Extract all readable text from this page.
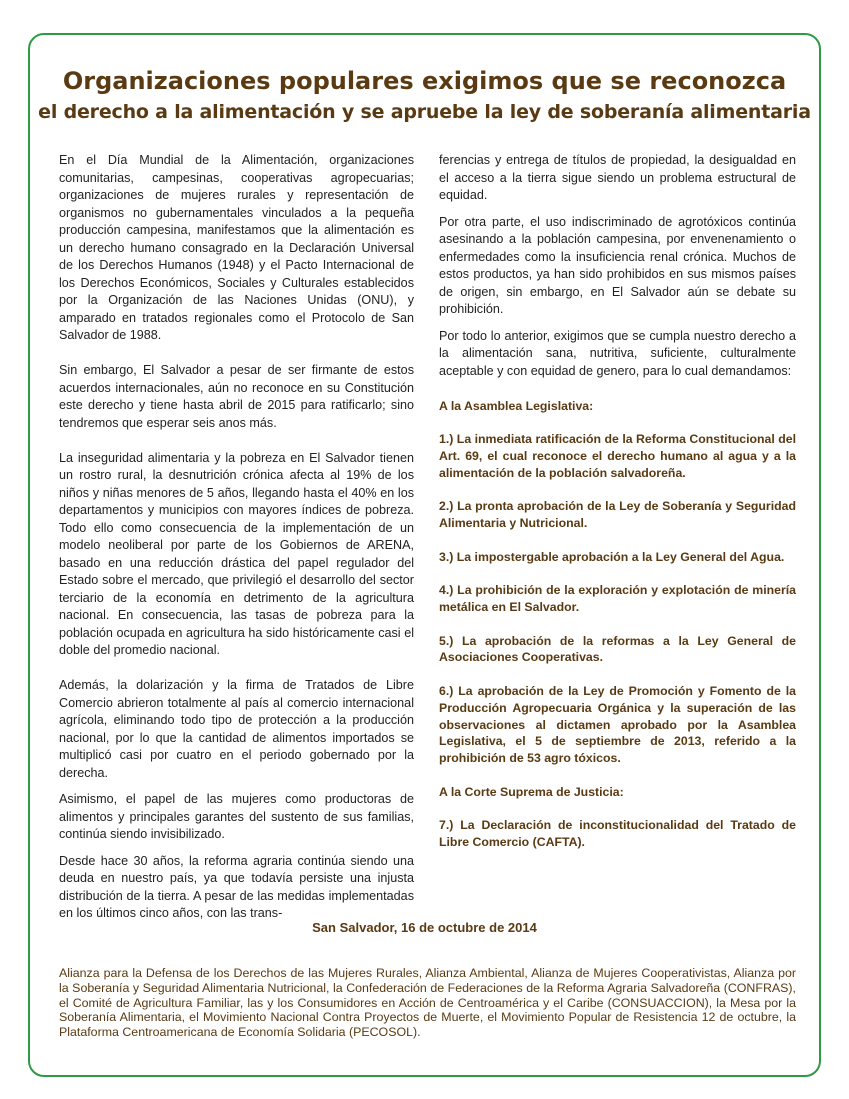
Organizaciones populares exigimos que se reconozca
el derecho a la alimentación y se apruebe la ley de soberanía alimentaria

En el Día Mundial de la Alimentación, organizaciones comunitarias, campesinas, cooperativas agropecuarias; organizaciones de mujeres rurales y representación de organismos no gubernamentales vinculados a la pequeña producción campesina, manifestamos que la alimentación es un derecho humano consagrado en la Declaración Universal de los Derechos Humanos (1948) y el Pacto Internacional de los Derechos Económicos, Sociales y Culturales establecidos por la Organización de las Naciones Unidas (ONU), y amparado en tratados regionales como el Protocolo de San Salvador de 1988.

Sin embargo, El Salvador a pesar de ser firmante de estos acuerdos internacionales, aún no reconoce en su Constitución este derecho y tiene hasta abril de 2015 para ratificarlo; sino tendremos que esperar seis anos más.

La inseguridad alimentaria y la pobreza en El Salvador tienen un rostro rural, la desnutrición crónica afecta al 19% de los niños y niñas menores de 5 años, llegando hasta el 40% en los departamentos y municipios con mayores índices de pobreza. Todo ello como consecuencia de la implementación de un modelo neoliberal por parte de los Gobiernos de ARENA, basado en una reducción drástica del papel regulador del Estado sobre el mercado, que privilegió el desarrollo del sector terciario de la economía en detrimento de la agricultura nacional. En consecuencia, las tasas de pobreza para la población ocupada en agricultura ha sido históricamente casi el doble del promedio nacional.

Además, la dolarización y la firma de Tratados de Libre Comercio abrieron totalmente al país al comercio internacional agrícola, eliminando todo tipo de protección a la producción nacional, por lo que la cantidad de alimentos importados se multiplicó casi por cuatro en el periodo gobernado por la derecha.

Asimismo, el papel de las mujeres como productoras de alimentos y principales garantes del sustento de sus familias, continúa siendo invisibilizado.

Desde hace 30 años, la reforma agraria continúa siendo una deuda en nuestro país, ya que todavía persiste una injusta distribución de la tierra. A pesar de las medidas implementadas en los últimos cinco años, con las trans-

ferencias y entrega de títulos de propiedad, la desigualdad en el acceso a la tierra sigue siendo un problema estructural de equidad.

Por otra parte, el uso indiscriminado de agrotóxicos continúa asesinando a la población campesina, por envenenamiento o enfermedades como la insuficiencia renal crónica. Muchos de estos productos, ya han sido prohibidos en sus mismos países de origen, sin embargo, en El Salvador aún se debate su prohibición.

Por todo lo anterior, exigimos que se cumpla nuestro derecho a la alimentación sana, nutritiva, suficiente, culturalmente aceptable y con equidad de genero, para lo cual demandamos:

A la Asamblea Legislativa:
1.) La inmediata ratificación de la Reforma Constitucional del Art. 69, el cual reconoce el derecho humano al agua y a la alimentación de la población salvadoreña.
2.) La pronta aprobación de la Ley de Soberanía y Seguridad Alimentaria y Nutricional.
3.) La impostergable aprobación a la Ley General del Agua.
4.) La prohibición de la exploración y explotación de minería metálica en El Salvador.
5.) La aprobación de la reformas a la Ley General de Asociaciones Cooperativas.
6.) La aprobación de la Ley de Promoción y Fomento de la Producción Agropecuaria Orgánica y la superación de las observaciones al dictamen aprobado por la Asamblea Legislativa, el 5 de septiembre de 2013, referido a la prohibición de 53 agro tóxicos.
A la Corte Suprema de Justicia:
7.) La Declaración de inconstitucionalidad del Tratado de Libre Comercio (CAFTA).
San Salvador, 16 de octubre de 2014
Alianza para la Defensa de los Derechos de las Mujeres Rurales, Alianza Ambiental, Alianza de Mujeres Cooperativistas, Alianza por la Soberanía y Seguridad Alimentaria Nutricional, la Confederación de Federaciones de la Reforma Agraria Salvadoreña (CONFRAS), el Comité de Agricultura Familiar, las y los Consumidores en Acción de Centroamérica y el Caribe (CONSUACCION), la Mesa por la Soberanía Alimentaria, el Movimiento Nacional Contra Proyectos de Muerte, el Movimiento Popular de Resistencia 12 de octubre, la Plataforma Centroamericana de Economía Solidaria (PECOSOL).
